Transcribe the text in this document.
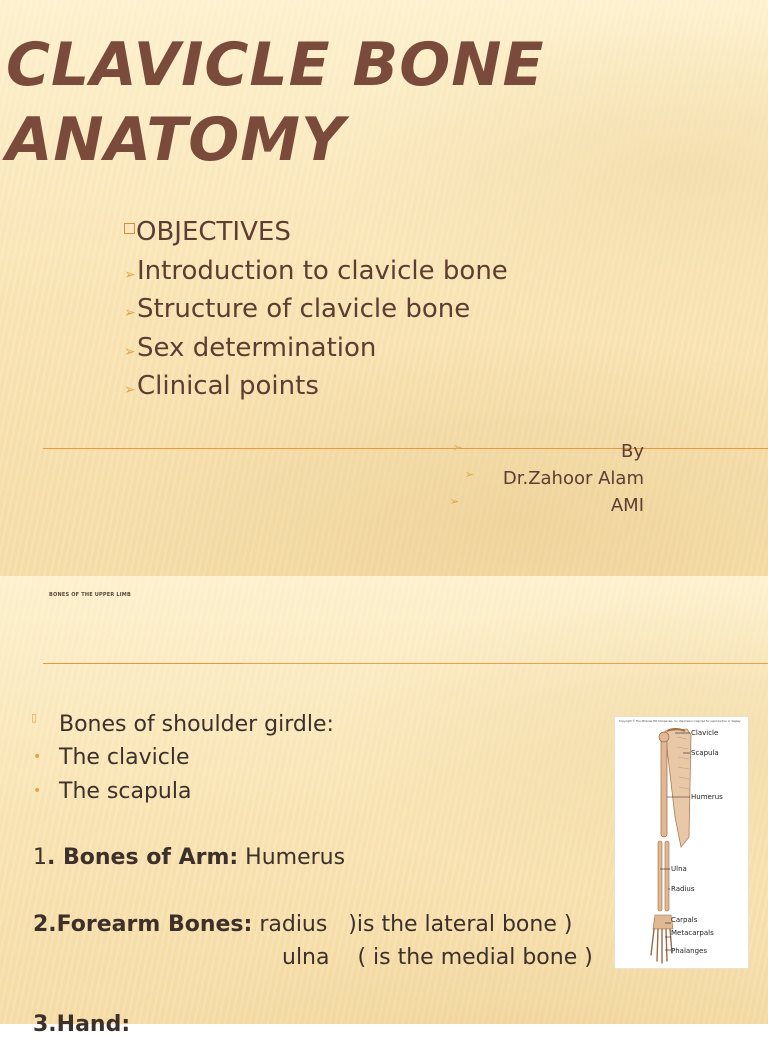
CLAVICLE BONE
ANATOMY
OBJECTIVES
➢Introduction to clavicle bone
➢Structure of clavicle bone
➢Sex determination
➢Clinical points
➢	By
➢ Dr.Zahoor Alam
➢	AMI

BONES OF THE UPPER LIMB

▯ Bones of shoulder girdle:
• The clavicle
• The scapula
1. Bones of Arm: Humerus
2.Forearm Bones: radius   )is the lateral bone )
ulna    ( is the medial bone )
3.Hand:
Copyright © The McGraw-Hill Companies, Inc. Permission required for reproduction or display.
Clavicle
Scapula
Humerus
Ulna
Radius
Carpals
Metacarpals
Phalanges
